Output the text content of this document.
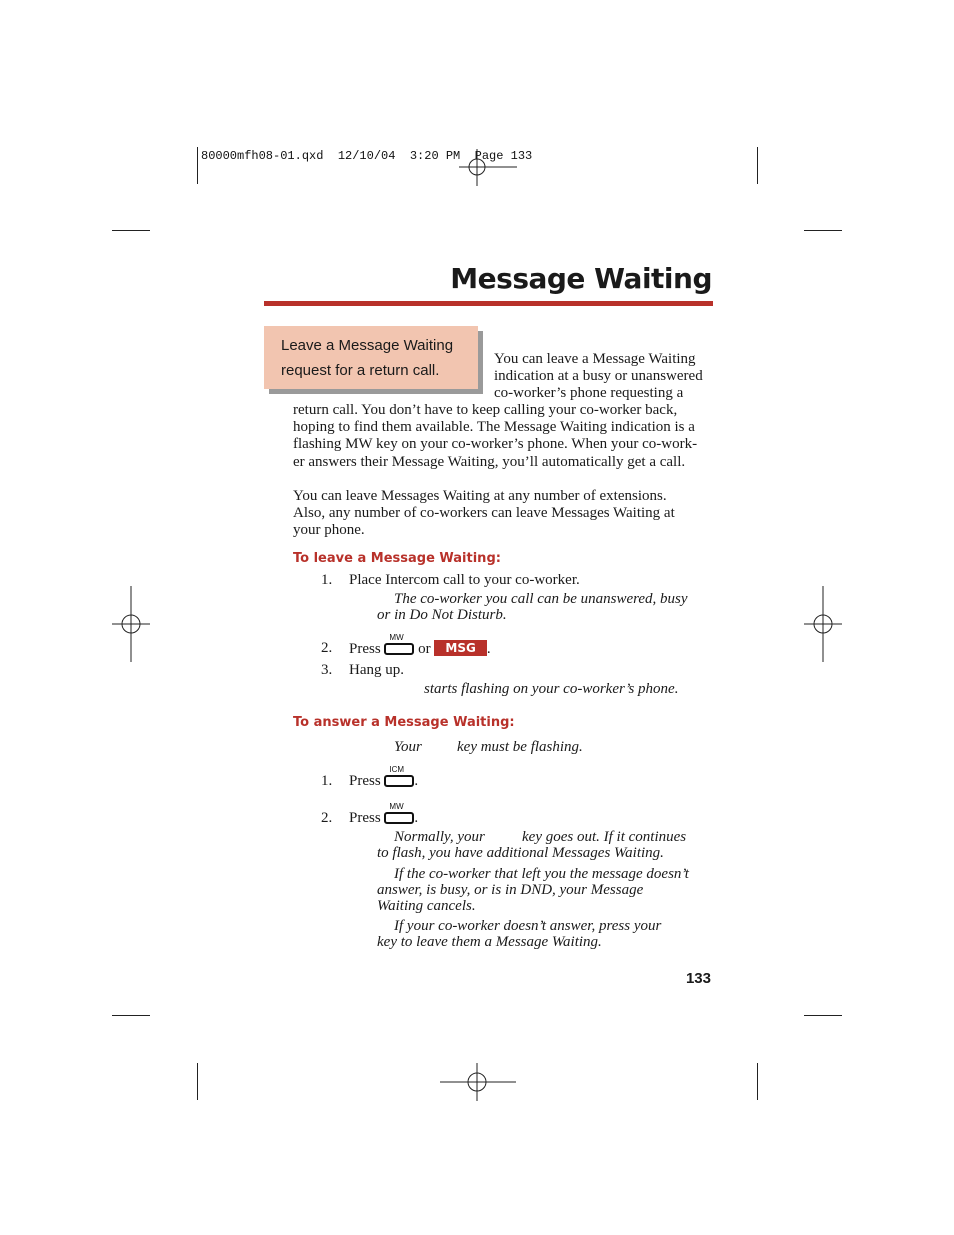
80000mfh08-01.qxd  12/10/04  3:20 PM  Page 133
Message Waiting
Leave a Message Waiting
request for a return call.
You can leave a Message Waiting
indication at a busy or unanswered
co-worker’s phone requesting a
return call. You don’t have to keep calling your co-worker back,
hoping to find them available. The Message Waiting indication is a
flashing MW key on your co-worker’s phone. When your co-work-
er answers their Message Waiting, you’ll automatically get a call.
You can leave Messages Waiting at any number of extensions.
Also, any number of co-workers can leave Messages Waiting at
your phone.
To leave a Message Waiting:
1. Place Intercom call to your co-worker.
The co-worker you call can be unanswered, busy
or in Do Not Disturb.
2. Press
MW
or MSG .
3. Hang up.
starts flashing on your co-worker’s phone.
To answer a Message Waiting:
Your key must be flashing.
1. Press
ICM
.
2. Press
MW
.
Normally, your key goes out. If it continues
to flash, you have additional Messages Waiting.
If the co-worker that left you the message doesn’t
answer, is busy, or is in DND, your Message
Waiting cancels.
If your co-worker doesn’t answer, press your
key to leave them a Message Waiting.
133
